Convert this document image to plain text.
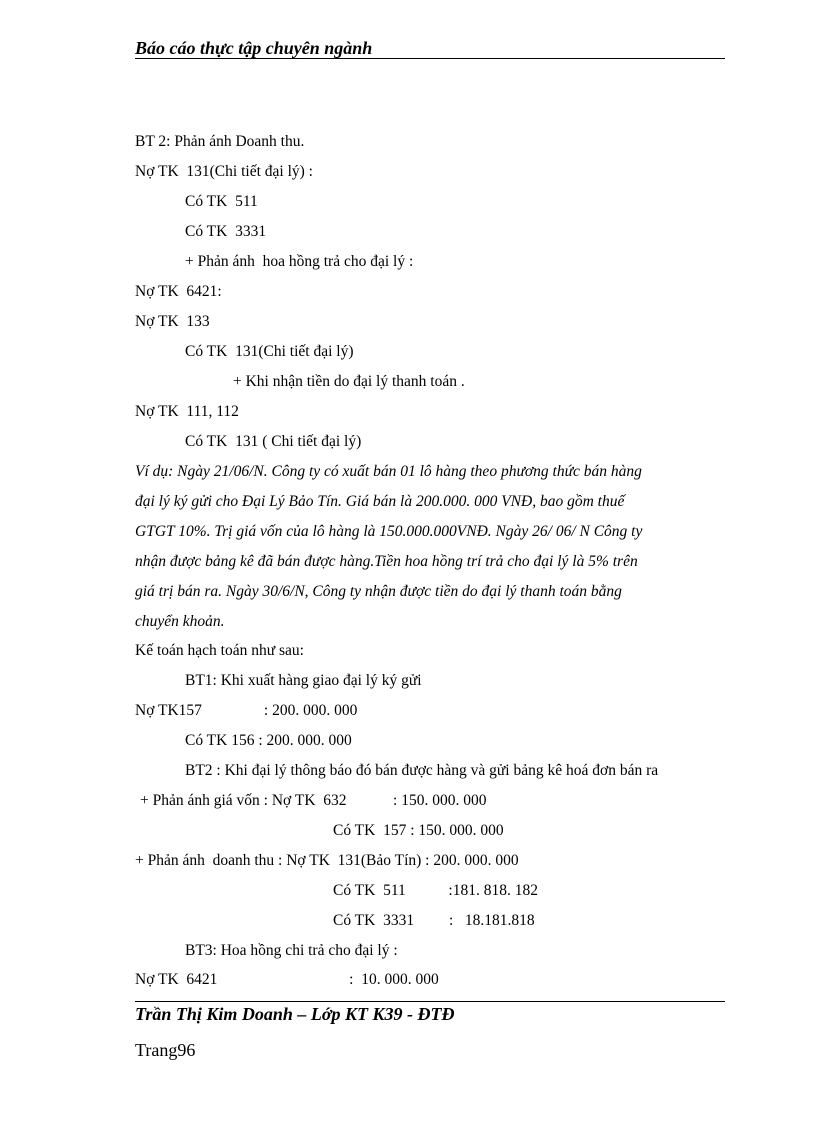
Báo cáo thực tập chuyên ngành
BT 2: Phản ánh Doanh thu.
Nợ TK  131(Chi tiết đại lý) :
Có TK  511
Có TK  3331
+ Phản ánh  hoa hồng trả cho đại lý :
Nợ TK  6421:
Nợ TK  133
Có TK  131(Chi tiết đại lý)
+ Khi nhận tiền do đại lý thanh toán .
Nợ TK  111, 112
Có TK  131 ( Chi tiết đại lý)
Ví dụ: Ngày 21/06/N. Công ty có xuất bán 01 lô hàng theo phương thức bán hàng
đại lý ký gửi cho Đại Lý Bảo Tín. Giá bán là 200.000. 000 VNĐ, bao gồm thuế
GTGT 10%. Trị giá vốn của lô hàng là 150.000.000VNĐ. Ngày 26/ 06/ N Công ty
nhận được bảng kê đã bán được hàng.Tiền hoa hồng trí trả cho đại lý là 5% trên
giá trị bán ra. Ngày 30/6/N, Công ty nhận được tiền do đại lý thanh toán bằng
chuyển khoản.
Kế toán hạch toán như sau:
BT1: Khi xuất hàng giao đại lý ký gửi
Nợ TK157                : 200. 000. 000
Có TK 156 : 200. 000. 000
BT2 : Khi đại lý thông báo đó bán được hàng và gửi bảng kê hoá đơn bán ra
+ Phản ánh giá vốn : Nợ TK  632            : 150. 000. 000
Có TK  157 : 150. 000. 000
+ Phản ánh  doanh thu : Nợ TK  131(Bảo Tín) : 200. 000. 000
Có TK  511           :181. 818. 182
Có TK  3331         :   18.181.818
BT3: Hoa hồng chi trả cho đại lý :
Nợ TK  6421                                  :  10. 000. 000
Trần Thị Kim Doanh – Lớp KT K39 - ĐTĐ
Trang96
